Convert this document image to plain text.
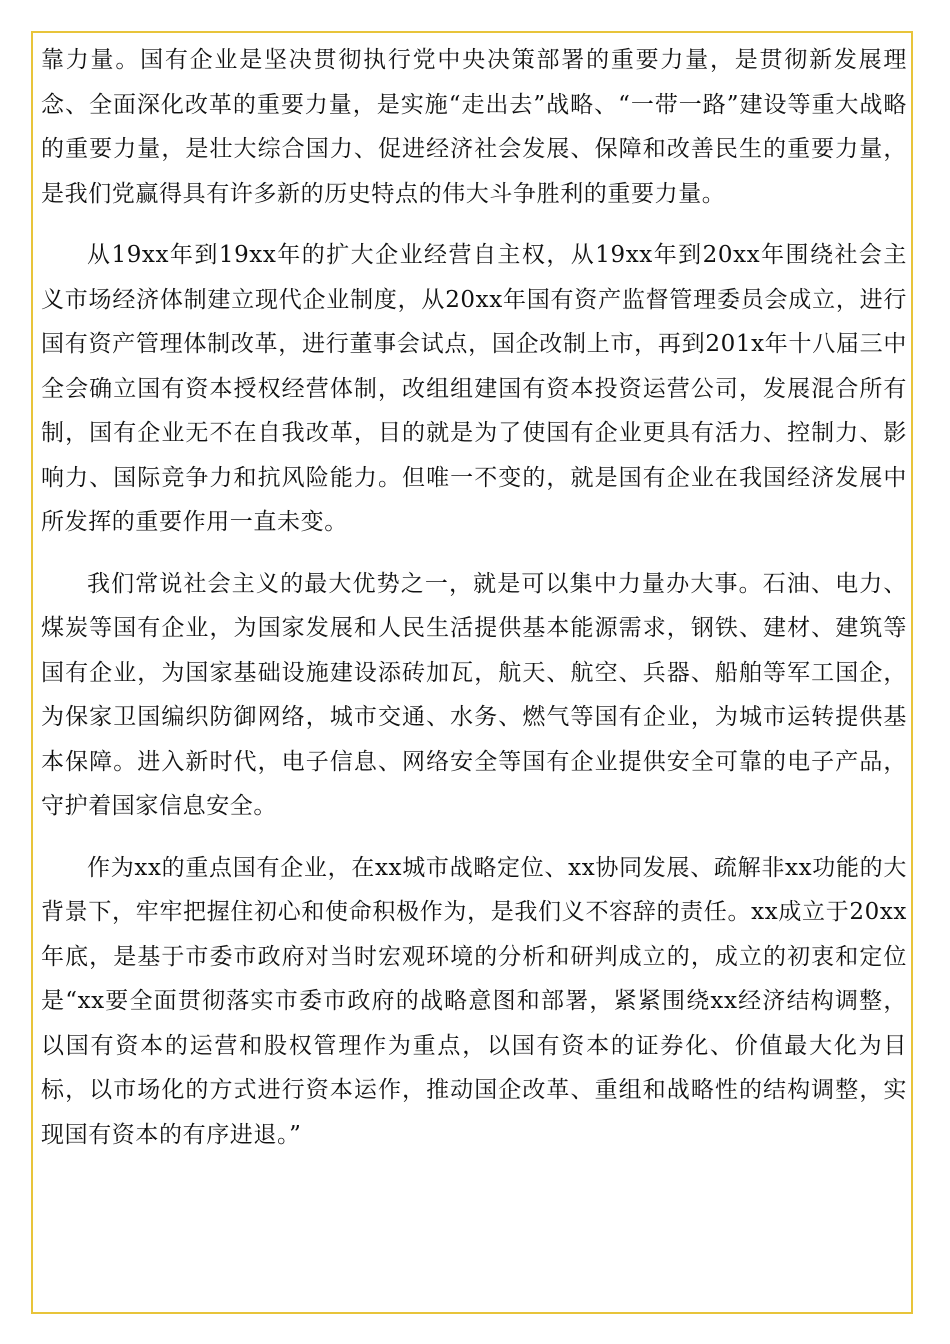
靠力量。国有企业是坚决贯彻执行党中央决策部署的重要力量，是贯彻新发展理念、全面深化改革的重要力量，是实施“走出去”战略、“一带一路”建设等重大战略的重要力量，是壮大综合国力、促进经济社会发展、保障和改善民生的重要力量，是我们党赢得具有许多新的历史特点的伟大斗争胜利的重要力量。

从19xx年到19xx年的扩大企业经营自主权，从19xx年到20xx年围绕社会主义市场经济体制建立现代企业制度，从20xx年国有资产监督管理委员会成立，进行国有资产管理体制改革，进行董事会试点，国企改制上市，再到201x年十八届三中全会确立国有资本授权经营体制，改组组建国有资本投资运营公司，发展混合所有制，国有企业无不在自我改革，目的就是为了使国有企业更具有活力、控制力、影响力、国际竞争力和抗风险能力。但唯一不变的，就是国有企业在我国经济发展中所发挥的重要作用一直未变。

我们常说社会主义的最大优势之一，就是可以集中力量办大事。石油、电力、煤炭等国有企业，为国家发展和人民生活提供基本能源需求，钢铁、建材、建筑等国有企业，为国家基础设施建设添砖加瓦，航天、航空、兵器、船舶等军工国企，为保家卫国编织防御网络，城市交通、水务、燃气等国有企业，为城市运转提供基本保障。进入新时代，电子信息、网络安全等国有企业提供安全可靠的电子产品，守护着国家信息安全。

作为xx的重点国有企业，在xx城市战略定位、xx协同发展、疏解非xx功能的大背景下，牢牢把握住初心和使命积极作为，是我们义不容辞的责任。xx成立于20xx年底，是基于市委市政府对当时宏观环境的分析和研判成立的，成立的初衷和定位是“xx要全面贯彻落实市委市政府的战略意图和部署，紧紧围绕xx经济结构调整，以国有资本的运营和股权管理作为重点，以国有资本的证券化、价值最大化为目标，以市场化的方式进行资本运作，推动国企改革、重组和战略性的结构调整，实现国有资本的有序进退。”
